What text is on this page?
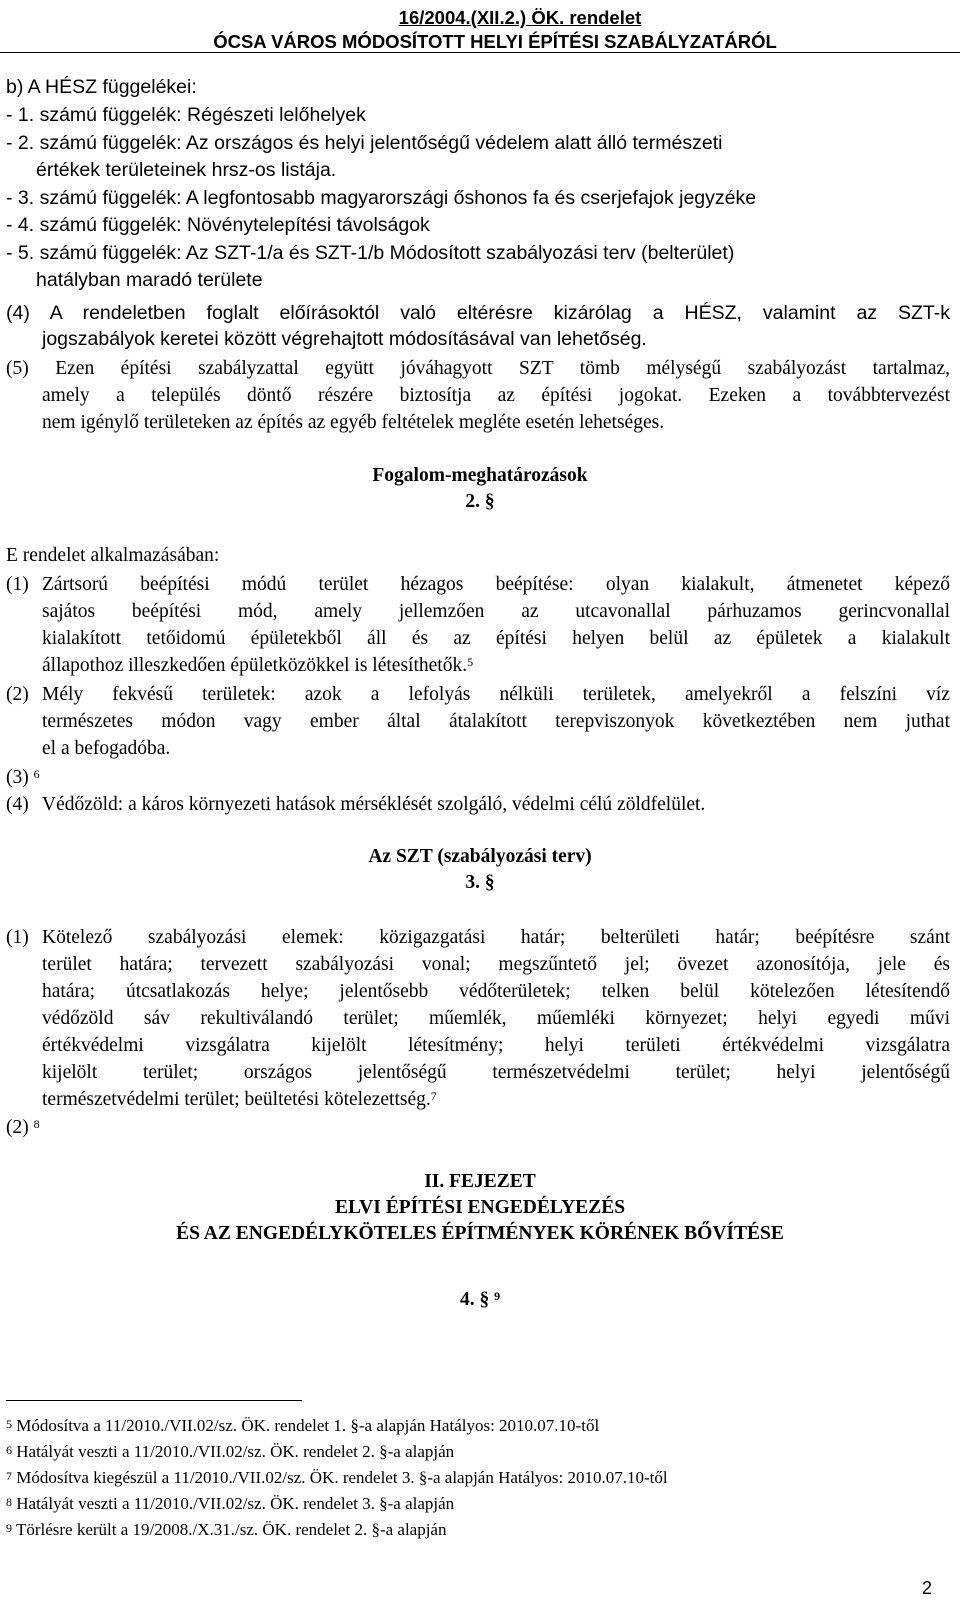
16/2004.(XII.2.) ÖK. rendelet
ÓCSA VÁROS MÓDOSÍTOTT HELYI ÉPÍTÉSI SZABÁLYZATÁRÓL
b) A HÉSZ függelékei:
- 1. számú függelék: Régészeti lelőhelyek
- 2. számú függelék: Az országos és helyi jelentőségű védelem alatt álló természeti
értékek területeinek hrsz-os listája.
- 3. számú függelék: A legfontosabb magyarországi őshonos fa és cserjefajok jegyzéke
- 4. számú függelék: Növénytelepítési távolságok
- 5. számú függelék: Az SZT-1/a és SZT-1/b Módosított szabályozási terv (belterület)
hatályban maradó területe
(4) A rendeletben foglalt előírásoktól való eltérésre kizárólag a HÉSZ, valamint az SZT-k
jogszabályok keretei között végrehajtott módosításával van lehetőség.
(5) Ezen építési szabályzattal együtt jóváhagyott SZT tömb mélységű szabályozást tartalmaz,
amely a település döntő részére biztosítja az építési jogokat. Ezeken a továbbtervezést
nem igénylő területeken az építés az egyéb feltételek megléte esetén lehetséges.
Fogalom-meghatározások
2. §
E rendelet alkalmazásában:
(1) Zártsorú beépítési módú terület hézagos beépítése: olyan kialakult, átmenetet képező
sajátos beépítési mód, amely jellemzően az utcavonallal párhuzamos gerincvonallal
kialakított tetőidomú épületekből áll és az építési helyen belül az épületek a kialakult
állapothoz illeszkedően épületközökkel is létesíthetők.$^5$
(2) Mély fekvésű területek: azok a lefolyás nélküli területek, amelyekről a felszíni víz
természetes módon vagy ember által átalakított terepviszonyok következtében nem juthat
el a befogadóba.
(3) $^6$
(4) Védőzöld: a káros környezeti hatások mérséklését szolgáló, védelmi célú zöldfelület.
Az SZT (szabályozási terv)
3. §
(1) Kötelező szabályozási elemek: közigazgatási határ; belterületi határ; beépítésre szánt
terület határa; tervezett szabályozási vonal; megszűntető jel; övezet azonosítója, jele és
határa; útcsatlakozás helye; jelentősebb védőterületek; telken belül kötelezően létesítendő
védőzöld sáv rekultiválandó terület; műemlék, műemléki környezet; helyi egyedi művi
értékvédelmi vizsgálatra kijelölt létesítmény; helyi területi értékvédelmi vizsgálatra
kijelölt terület; országos jelentőségű természetvédelmi terület; helyi jelentőségű
természetvédelmi terület; beültetési kötelezettség.$^7$
(2) $^8$
II. FEJEZET
ELVI ÉPÍTÉSI ENGEDÉLYEZÉS
ÉS AZ ENGEDÉLYKÖTELES ÉPÍTMÉNYEK KÖRÉNEK BŐVÍTÉSE
4. § $^9$
$^5$ Módosítva a 11/2010./VII.02/sz. ÖK. rendelet 1. §-a alapján Hatályos: 2010.07.10-től
$^6$ Hatályát veszti a 11/2010./VII.02/sz. ÖK. rendelet 2. §-a alapján
$^7$ Módosítva kiegészül a 11/2010./VII.02/sz. ÖK. rendelet 3. §-a alapján Hatályos: 2010.07.10-től
$^8$ Hatályát veszti a 11/2010./VII.02/sz. ÖK. rendelet 3. §-a alapján
$^9$ Törlésre került a 19/2008./X.31./sz. ÖK. rendelet 2. §-a alapján
2
